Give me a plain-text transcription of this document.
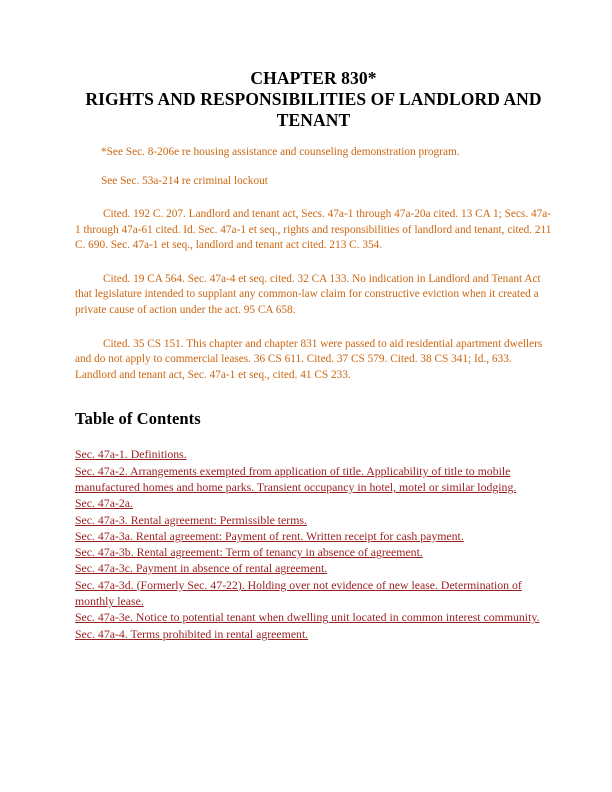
CHAPTER 830*
RIGHTS AND RESPONSIBILITIES OF LANDLORD AND
TENANT

*See Sec. 8-206e re housing assistance and counseling demonstration program.

See Sec. 53a-214 re criminal lockout

Cited. 192 C. 207. Landlord and tenant act, Secs. 47a-1 through 47a-20a cited. 13 CA 1; Secs. 47a-1 through 47a-61 cited. Id. Sec. 47a-1 et seq., rights and responsibilities of landlord and tenant, cited. 211 C. 690. Sec. 47a-1 et seq., landlord and tenant act cited. 213 C. 354.

Cited. 19 CA 564. Sec. 47a-4 et seq. cited. 32 CA 133. No indication in Landlord and Tenant Act that legislature intended to supplant any common-law claim for constructive eviction when it created a private cause of action under the act. 95 CA 658.

Cited. 35 CS 151. This chapter and chapter 831 were passed to aid residential apartment dwellers and do not apply to commercial leases. 36 CS 611. Cited. 37 CS 579. Cited. 38 CS 341; Id., 633. Landlord and tenant act, Sec. 47a-1 et seq., cited. 41 CS 233.

Table of Contents
Sec. 47a-1. Definitions.
Sec. 47a-2. Arrangements exempted from application of title. Applicability of title to mobile manufactured homes and home parks. Transient occupancy in hotel, motel or similar lodging.
Sec. 47a-2a.
Sec. 47a-3. Rental agreement: Permissible terms.
Sec. 47a-3a. Rental agreement: Payment of rent. Written receipt for cash payment.
Sec. 47a-3b. Rental agreement: Term of tenancy in absence of agreement.
Sec. 47a-3c. Payment in absence of rental agreement.
Sec. 47a-3d. (Formerly Sec. 47-22). Holding over not evidence of new lease. Determination of monthly lease.
Sec. 47a-3e. Notice to potential tenant when dwelling unit located in common interest community.
Sec. 47a-4. Terms prohibited in rental agreement.
